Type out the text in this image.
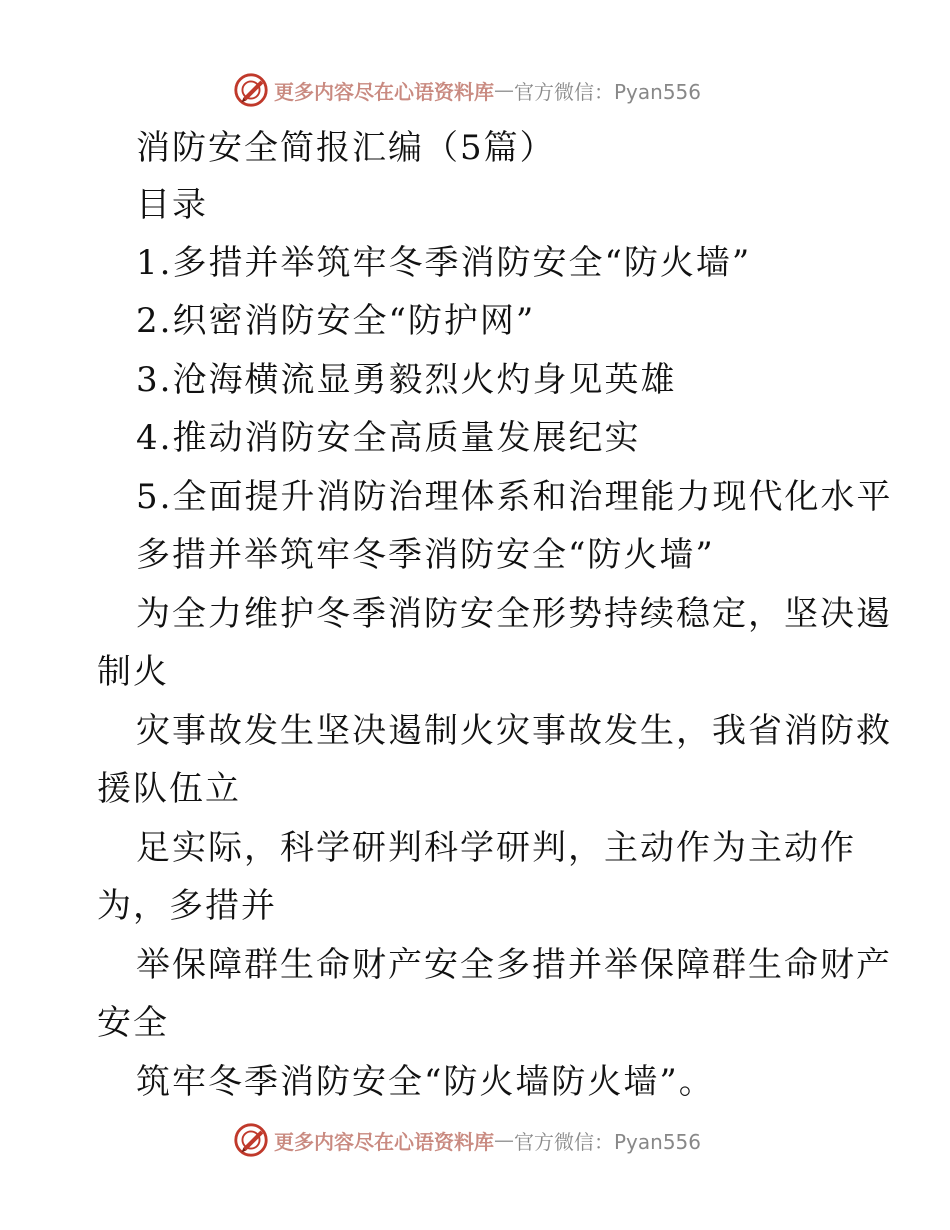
更多内容尽在心语资料库 — 官方微信：Pyan556
消防安全简报汇编（5篇）
目录
1.多措并举筑牢冬季消防安全“防火墙”
2.织密消防安全“防护网”
3.沧海横流显勇毅烈火灼身见英雄
4.推动消防安全高质量发展纪实
5.全面提升消防治理体系和治理能力现代化水平
多措并举筑牢冬季消防安全“防火墙”
为全力维护冬季消防安全形势持续稳定，坚决遏
制火
灾事故发生坚决遏制火灾事故发生，我省消防救
援队伍立
足实际，科学研判科学研判，主动作为主动作
为，多措并
举保障群生命财产安全多措并举保障群生命财产
安全
筑牢冬季消防安全“防火墙防火墙”。
更多内容尽在心语资料库 — 官方微信：Pyan556
